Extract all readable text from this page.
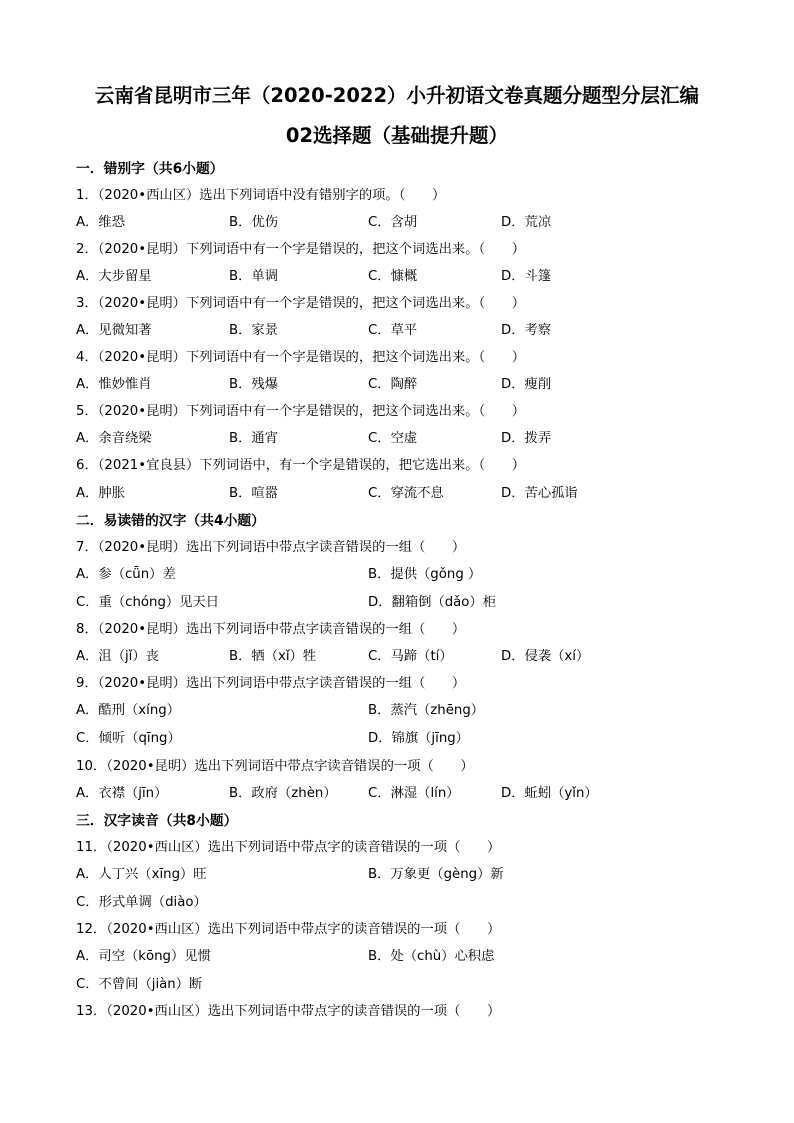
云南省昆明市三年（2020-2022）小升初语文卷真题分题型分层汇编
02选择题（基础提升题）
一．错别字（共6小题）
1．（2020•西山区）选出下列词语中没有错别字的项。（　　）
A．维恐	B．优伤	C．含胡	D．荒凉
2．（2020•昆明）下列词语中有一个字是错误的，把这个词选出来。（　　）
A．大步留星	B．单调	C．慷概	D．斗篷
3．（2020•昆明）下列词语中有一个字是错误的，把这个词选出来。（　　）
A．见微知著	B．家景	C．草平	D．考察
4．（2020•昆明）下列词语中有一个字是错误的，把这个词选出来。（　　）
A．惟妙惟肖	B．残爆	C．陶醉	D．瘦削
5．（2020•昆明）下列词语中有一个字是错误的，把这个词选出来。（　　）
A．余音绕梁	B．通宵	C．空虚	D．拨弄
6．（2021•宜良县）下列词语中，有一个字是错误的，把它选出来。（　　）
A．肿胀	B．喧嚣	C．穿流不息	D．苦心孤诣
二．易读错的汉字（共4小题）
7．（2020•昆明）选出下列词语中带点字读音错误的一组（　　）
A．参（cǖn）差	B．提供（gǒng ）
C．重（chóng）见天日	D．翻箱倒（dǎo）柜
8．（2020•昆明）选出下列词语中带点字读音错误的一组（　　）
A．沮（jǐ）丧	B．牺（xǐ）牲	C．马蹄（tí）	D．侵袭（xí）
9．（2020•昆明）选出下列词语中带点字读音错误的一组（　　）
A．酷刑（xíng）	B．蒸汽（zhēng）
C．倾听（qīng）	D．锦旗（jīng）
10．（2020•昆明）选出下列词语中带点字读音错误的一项（　　）
A．衣襟（jīn）	B．政府（zhèn） C．淋湿（lín）	D．蚯蚓（yǐn）
三．汉字读音（共8小题）
11．（2020•西山区）选出下列词语中带点字的读音错误的一项（　　）
A．人丁兴（xīng）旺	B．万象更（gèng）新
C．形式单调（diào）
12．（2020•西山区）选出下列词语中带点字的读音错误的一项（　　）
A．司空（kōng）见惯	B．处（chù）心积虑
C．不曾间（jiàn）断
13．（2020•西山区）选出下列词语中带点字的读音错误的一项（　　）
